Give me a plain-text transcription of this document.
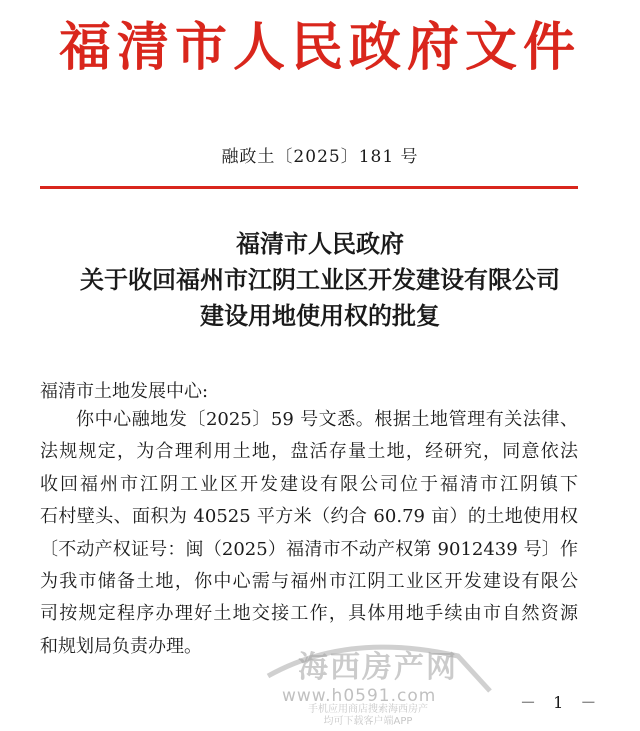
福清市人民政府文件
融政土〔2025〕181 号
福清市人民政府
关于收回福州市江阴工业区开发建设有限公司
建设用地使用权的批复
福清市土地发展中心:
你中心融地发〔2025〕59 号文悉。根据土地管理有关法律、
法规规定，为合理利用土地，盘活存量土地，经研究，同意依法
收回福州市江阴工业区开发建设有限公司位于福清市江阴镇下
石村壁头、面积为 40525 平方米（约合 60.79 亩）的土地使用权
〔不动产权证号：闽（2025）福清市不动产权第 9012439 号〕作
为我市储备土地，你中心需与福州市江阴工业区开发建设有限公
司按规定程序办理好土地交接工作，具体用地手续由市自然资源
和规划局负责办理。
海西房产网
www.h0591.com
手机应用商店搜索海西房产
均可下载客户端APP
－ 1 －
